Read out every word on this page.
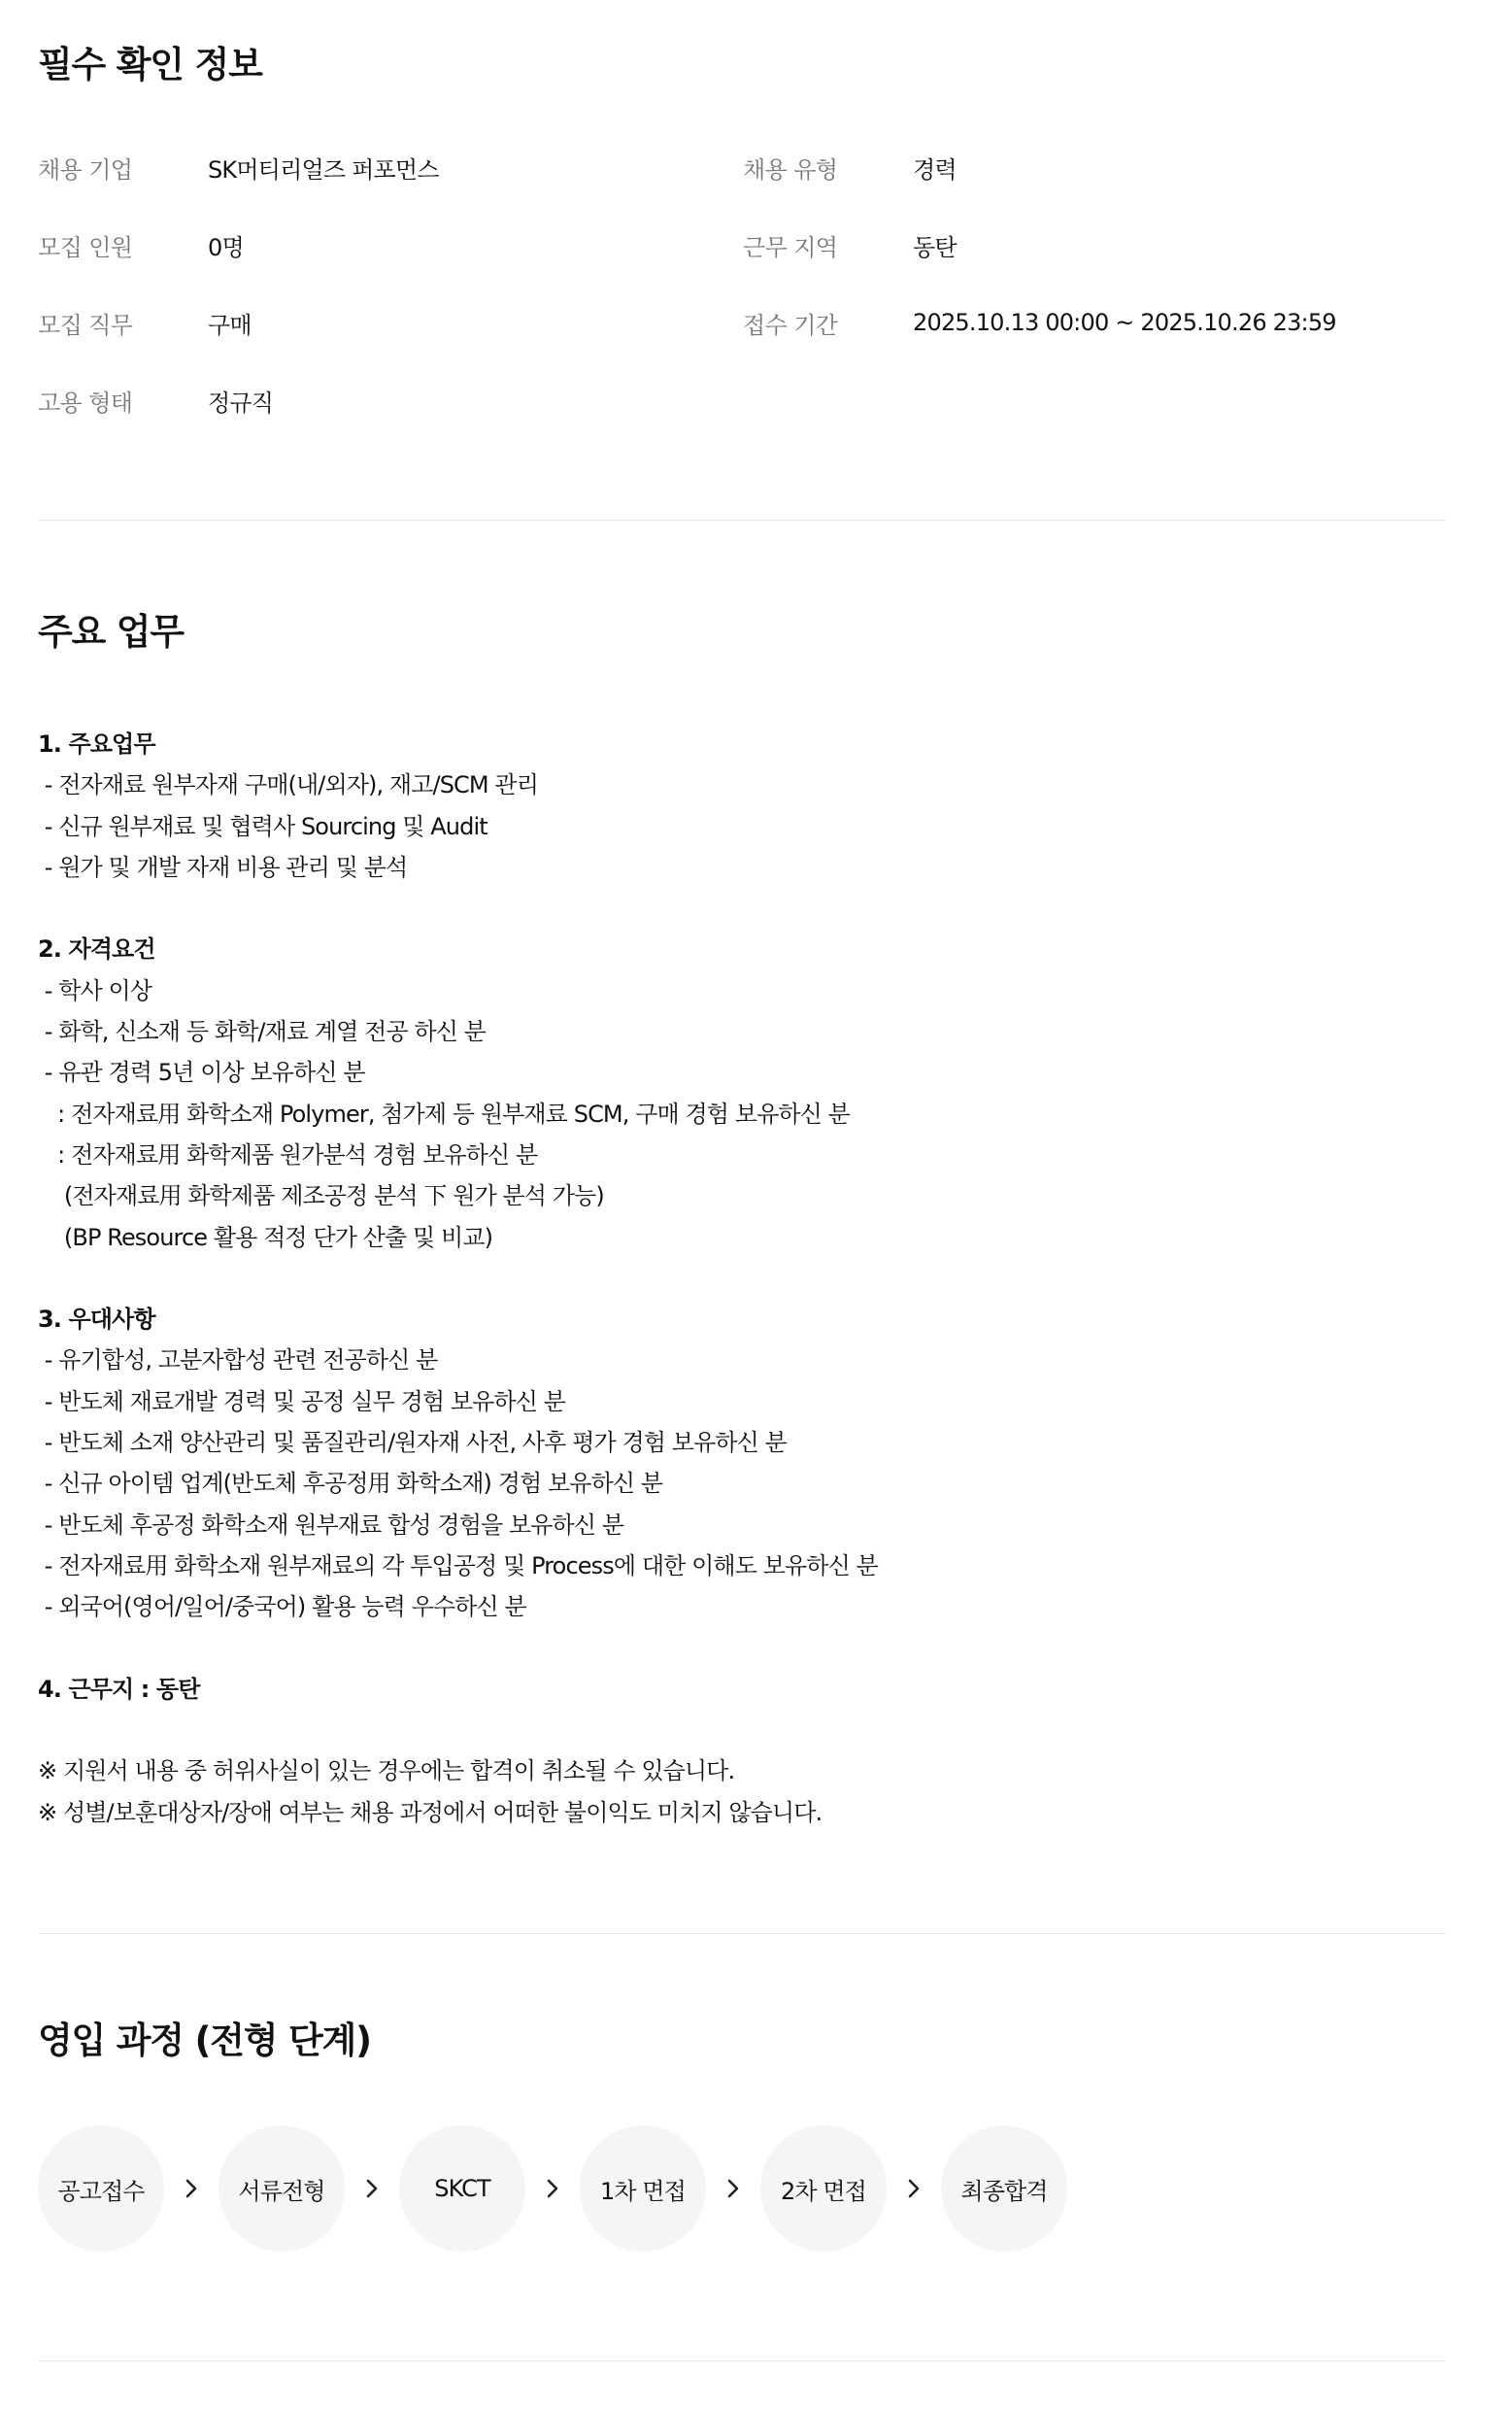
필수 확인 정보
채용 기업	SK머티리얼즈 퍼포먼스	채용 유형	경력
모집 인원	0명	근무 지역	동탄
모집 직무	구매	접수 기간	2025.10.13 00:00 ~ 2025.10.26 23:59
고용 형태	정규직
주요 업무
1. 주요업무
- 전자재료 원부자재 구매(내/외자), 재고/SCM 관리
- 신규 원부재료 및 협력사 Sourcing 및 Audit
- 원가 및 개발 자재 비용 관리 및 분석
2. 자격요건
- 학사 이상
- 화학, 신소재 등 화학/재료 계열 전공 하신 분
- 유관 경력 5년 이상 보유하신 분
: 전자재료用 화학소재 Polymer, 첨가제 등 원부재료 SCM, 구매 경험 보유하신 분
: 전자재료用 화학제품 원가분석 경험 보유하신 분
(전자재료用 화학제품 제조공정 분석 下 원가 분석 가능)
(BP Resource 활용 적정 단가 산출 및 비교)
3. 우대사항
- 유기합성, 고분자합성 관련 전공하신 분
- 반도체 재료개발 경력 및 공정 실무 경험 보유하신 분
- 반도체 소재 양산관리 및 품질관리/원자재 사전, 사후 평가 경험 보유하신 분
- 신규 아이템 업계(반도체 후공정用 화학소재) 경험 보유하신 분
- 반도체 후공정 화학소재 원부재료 합성 경험을 보유하신 분
- 전자재료用 화학소재 원부재료의 각 투입공정 및 Process에 대한 이해도 보유하신 분
- 외국어(영어/일어/중국어) 활용 능력 우수하신 분
4. 근무지 : 동탄
※ 지원서 내용 중 허위사실이 있는 경우에는 합격이 취소될 수 있습니다.
※ 성별/보훈대상자/장애 여부는 채용 과정에서 어떠한 불이익도 미치지 않습니다.
영입 과정 (전형 단계)
공고접수	서류전형	SKCT	1차 면접	2차 면접	최종합격
